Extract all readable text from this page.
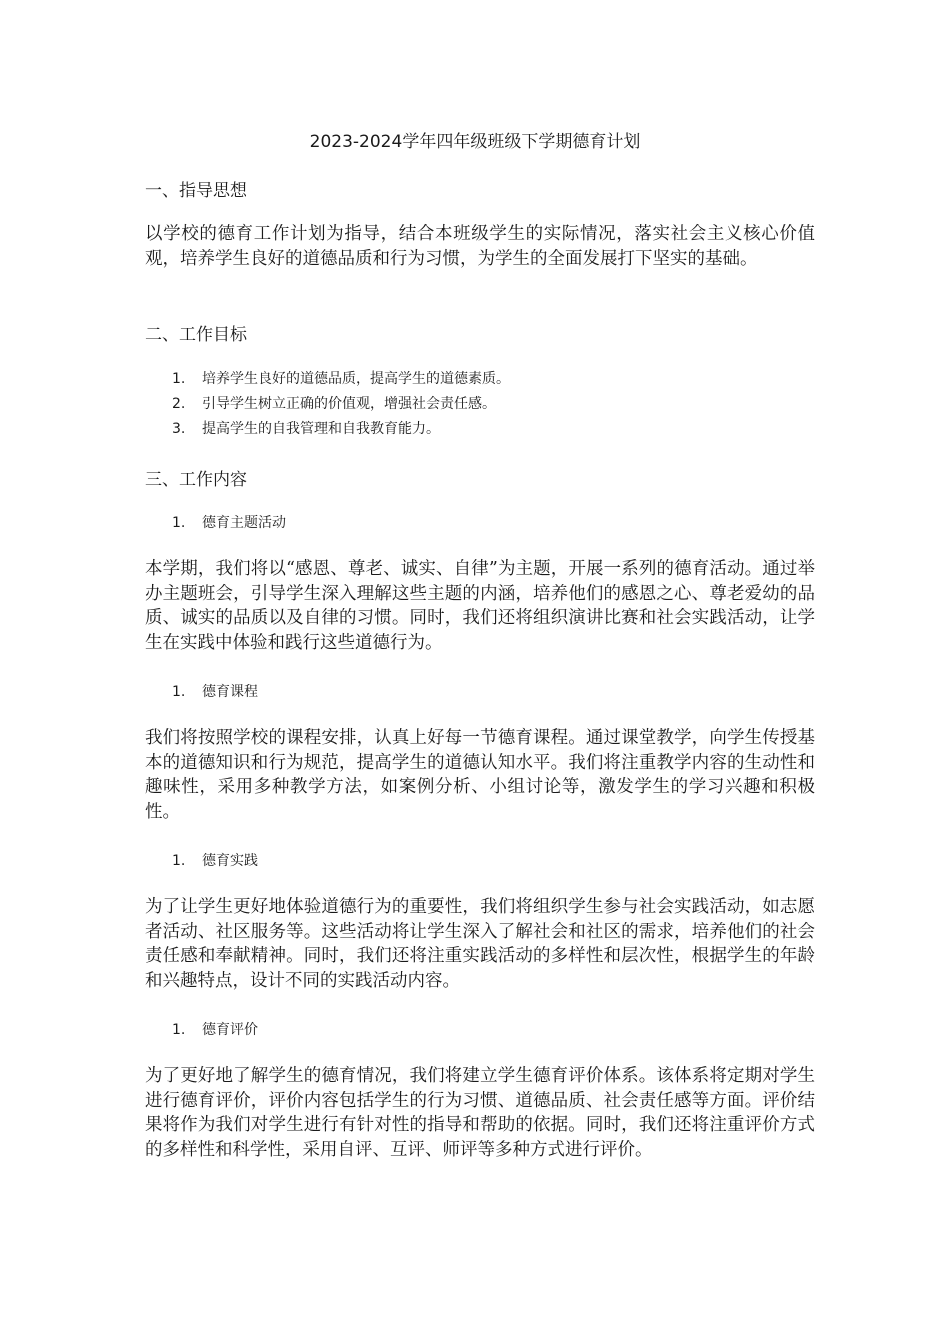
2023-2024学年四年级班级下学期德育计划
一、指导思想
以学校的德育工作计划为指导，结合本班级学生的实际情况，落实社会主义核心价值观，培养学生良好的道德品质和行为习惯，为学生的全面发展打下坚实的基础。
二、工作目标
1. 培养学生良好的道德品质，提高学生的道德素质。
2. 引导学生树立正确的价值观，增强社会责任感。
3. 提高学生的自我管理和自我教育能力。
三、工作内容
1. 德育主题活动
本学期，我们将以“感恩、尊老、诚实、自律”为主题，开展一系列的德育活动。通过举办主题班会，引导学生深入理解这些主题的内涵，培养他们的感恩之心、尊老爱幼的品质、诚实的品质以及自律的习惯。同时，我们还将组织演讲比赛和社会实践活动，让学生在实践中体验和践行这些道德行为。
1. 德育课程
我们将按照学校的课程安排，认真上好每一节德育课程。通过课堂教学，向学生传授基本的道德知识和行为规范，提高学生的道德认知水平。我们将注重教学内容的生动性和趣味性，采用多种教学方法，如案例分析、小组讨论等，激发学生的学习兴趣和积极性。
1. 德育实践
为了让学生更好地体验道德行为的重要性，我们将组织学生参与社会实践活动，如志愿者活动、社区服务等。这些活动将让学生深入了解社会和社区的需求，培养他们的社会责任感和奉献精神。同时，我们还将注重实践活动的多样性和层次性，根据学生的年龄和兴趣特点，设计不同的实践活动内容。
1. 德育评价
为了更好地了解学生的德育情况，我们将建立学生德育评价体系。该体系将定期对学生进行德育评价，评价内容包括学生的行为习惯、道德品质、社会责任感等方面。评价结果将作为我们对学生进行有针对性的指导和帮助的依据。同时，我们还将注重评价方式的多样性和科学性，采用自评、互评、师评等多种方式进行评价。
